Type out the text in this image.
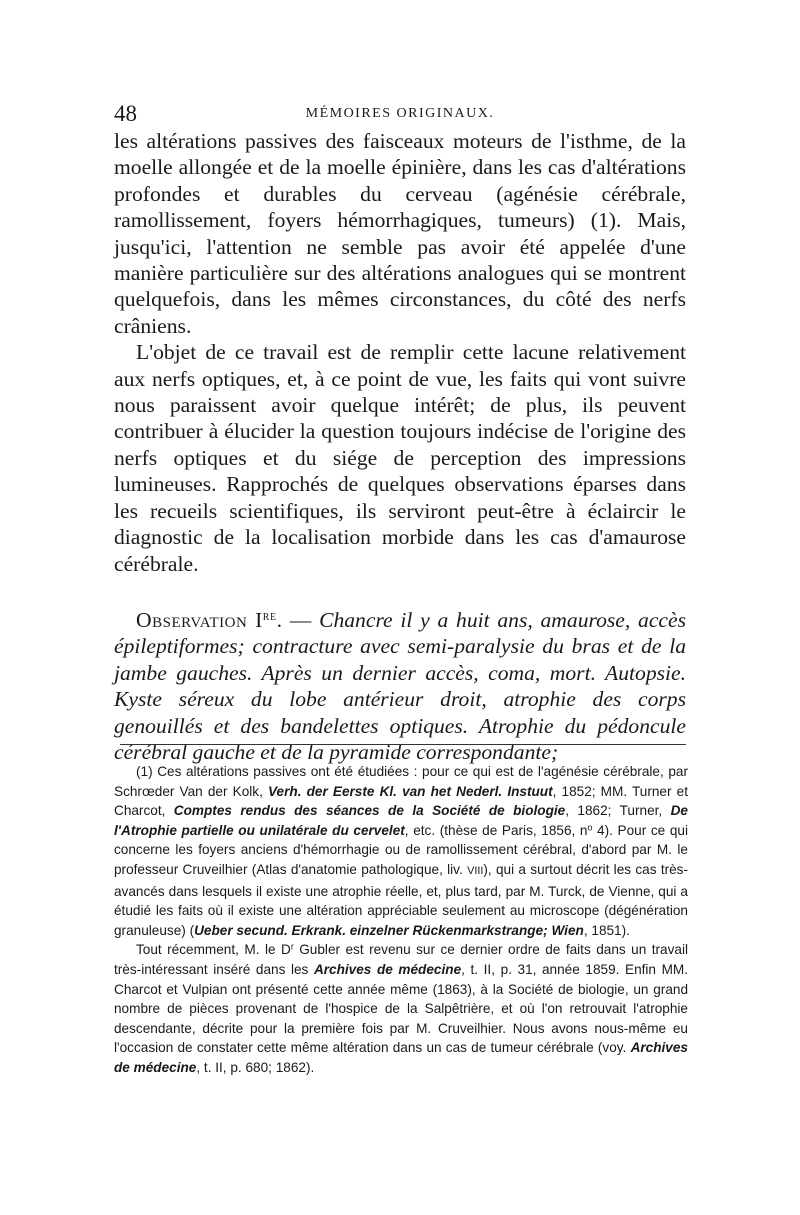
48	MÉMOIRES ORIGINAUX.

les altérations passives des faisceaux moteurs de l'isthme, de la moelle allongée et de la moelle épinière, dans les cas d'altérations profondes et durables du cerveau (agénésie cérébrale, ramollissement, foyers hémorrhagiques, tumeurs) (1). Mais, jusqu'ici, l'attention ne semble pas avoir été appelée d'une manière particulière sur des altérations analogues qui se montrent quelquefois, dans les mêmes circonstances, du côté des nerfs crâniens.

L'objet de ce travail est de remplir cette lacune relativement aux nerfs optiques, et, à ce point de vue, les faits qui vont suivre nous paraissent avoir quelque intérêt; de plus, ils peuvent contribuer à élucider la question toujours indécise de l'origine des nerfs optiques et du siége de perception des impressions lumineuses. Rapprochés de quelques observations éparses dans les recueils scientifiques, ils serviront peut-être à éclaircir le diagnostic de la localisation morbide dans les cas d'amaurose cérébrale.

Observation Ire. — Chancre il y a huit ans, amaurose, accès épileptiformes; contracture avec semi-paralysie du bras et de la jambe gauches. Après un dernier accès, coma, mort. Autopsie. Kyste séreux du lobe antérieur droit, atrophie des corps genouillés et des bandelettes optiques. Atrophie du pédoncule cérébral gauche et de la pyramide correspondante;

(1) Ces altérations passives ont été étudiées : pour ce qui est de l'agénésie cérébrale, par Schrœder Van der Kolk, Verh. der Eerste Kl. van het Nederl. Instuut, 1852; MM. Turner et Charcot, Comptes rendus des séances de la Société de biologie, 1862; Turner, De l'Atrophie partielle ou unilatérale du cervelet, etc. (thèse de Paris, 1856, $n^o$ 4). Pour ce qui concerne les foyers anciens d'hémorrhagie ou de ramollissement cérébral, d'abord par M. le professeur Cruveilhier (Atlas d'anatomie pathologique, liv. VIII), qui a surtout décrit les cas très-avancés dans lesquels il existe une atrophie réelle, et, plus tard, par M. Turck, de Vienne, qui a étudié les faits où il existe une altération appréciable seulement au microscope (dégénération granuleuse) (Ueber secund. Erkrank. einzelner Rückenmarkstrange; Wien, 1851).

Tout récemment, M. le $D^r$ Gubler est revenu sur ce dernier ordre de faits dans un travail très-intéressant inséré dans les Archives de médecine, t. II, p. 31, année 1859. Enfin MM. Charcot et Vulpian ont présenté cette année même (1863), à la Société de biologie, un grand nombre de pièces provenant de l'hospice de la Salpêtrière, et où l'on retrouvait l'atrophie descendante, décrite pour la première fois par M. Cruveilhier. Nous avons nous-même eu l'occasion de constater cette même altération dans un cas de tumeur cérébrale (voy. Archives de médecine, t. II, p. 680; 1862).
